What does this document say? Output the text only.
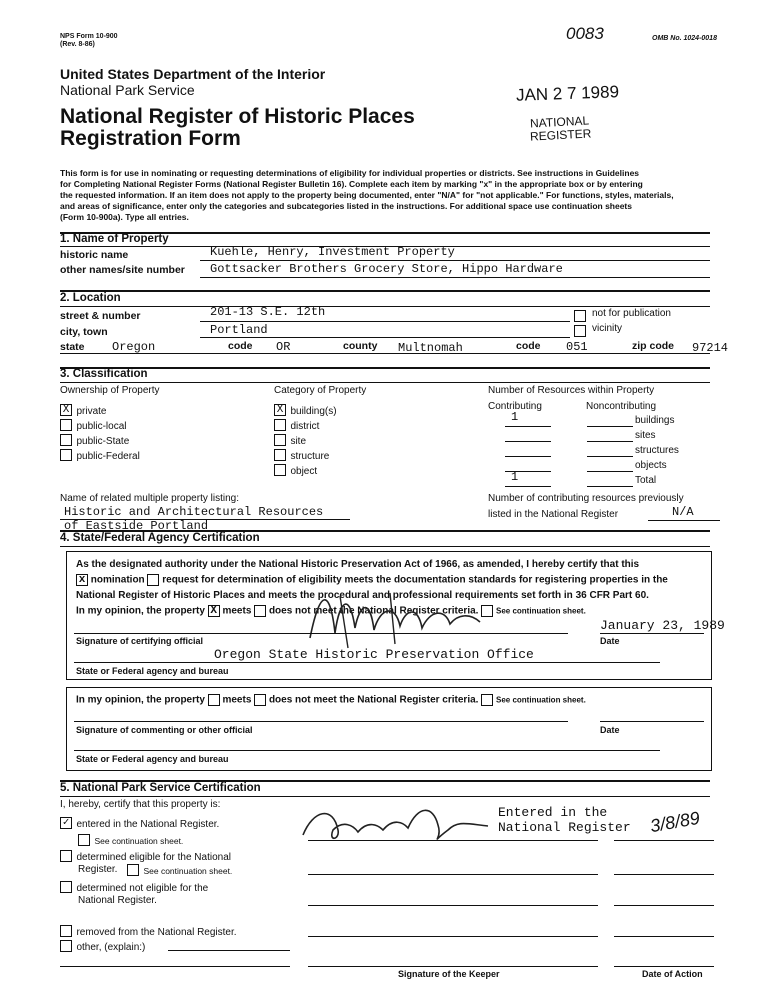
NPS Form 10-900
(Rev. 8-86)
0083	OMB No. 1024-0018
United States Department of the Interior
National Park Service
National Register of Historic Places
Registration Form
JAN 2 7 1989
NATIONAL
REGISTER
This form is for use in nominating or requesting determinations of eligibility for individual properties or districts. See instructions in Guidelines
for Completing National Register Forms (National Register Bulletin 16). Complete each item by marking "x" in the appropriate box or by entering
the requested information. If an item does not apply to the property being documented, enter "N/A" for "not applicable." For functions, styles, materials,
and areas of significance, enter only the categories and subcategories listed in the instructions. For additional space use continuation sheets
(Form 10-900a). Type all entries.
1. Name of Property
historic name	Kuehle, Henry, Investment Property
other names/site number Gottsacker Brothers Grocery Store, Hippo Hardware
2. Location
street & number	201-13 S.E. 12th	not for publication
city, town	Portland	vicinity
state Oregon	code OR	county Multnomah	code 051	zip code 97214
3. Classification
Ownership of Property	Category of Property	Number of Resources within Property
X private
public-local
public-State
public-Federal
X building(s)
district
site
structure
object
Contributing	Noncontributing
1	buildings
sites
structures
objects
1	Total
Name of related multiple property listing:
Historic and Architectural Resources
of Eastside Portland
Number of contributing resources previously
listed in the National Register	N/A
4. State/Federal Agency Certification
As the designated authority under the National Historic Preservation Act of 1966, as amended, I hereby certify that this
x nomination request for determination of eligibility meets the documentation standards for registering properties in the
National Register of Historic Places and meets the procedural and professional requirements set forth in 36 CFR Part 60.
In my opinion, the property X meets does not meet the National Register criteria. See continuation sheet.
January 23, 1989
Signature of certifying official	Date
Oregon State Historic Preservation Office
State or Federal agency and bureau
In my opinion, the property meets does not meet the National Register criteria. See continuation sheet.
Signature of commenting or other official	Date
State or Federal agency and bureau
5. National Park Service Certification
I, hereby, certify that this property is:
✓ entered in the National Register.
See continuation sheet.
determined eligible for the National
Register.	See continuation sheet.
determined not eligible for the
National Register.
removed from the National Register.
other, (explain:)
Entered in the
National Register 3/8/89
Signature of the Keeper	Date of Action
